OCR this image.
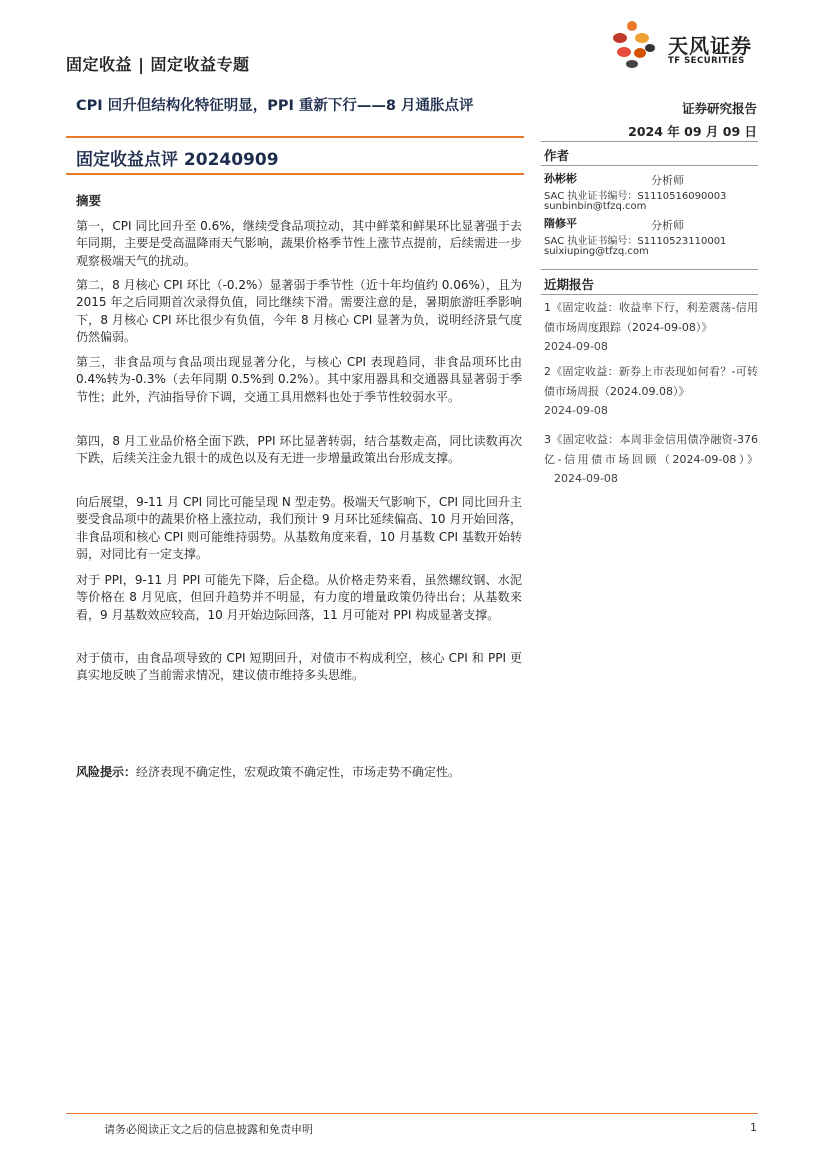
固定收益 | 固定收益专题
天风证券
TF SECURITIES
CPI 回升但结构化特征明显，PPI 重新下行——8 月通胀点评	证券研究报告
2024 年 09 月 09 日
固定收益点评 20240909	作者
孙彬彬	分析师
SAC 执业证书编号：S1110516090003
sunbinbin@tfzq.com
隋修平	分析师
SAC 执业证书编号：S1110523110001
suixiuping@tfzq.com
近期报告
1《固定收益：收益率下行，利差震荡-信用债市场周度跟踪（2024-09-08）》
2024-09-08
2《固定收益：新券上市表现如何看？-可转债市场周报（2024.09.08）》
2024-09-08
3《固定收益：本周非金信用债净融资-376 亿-信用债市场回顾（2024-09-08）》 2024-09-08
摘要
第一，CPI 同比回升至 0.6%，继续受食品项拉动，其中鲜菜和鲜果环比显著强于去年同期，主要是受高温降雨天气影响，蔬果价格季节性上涨节点提前，后续需进一步观察极端天气的扰动。
第二，8 月核心 CPI 环比（-0.2%）显著弱于季节性（近十年均值约 0.06%），且为 2015 年之后同期首次录得负值，同比继续下滑。需要注意的是，暑期旅游旺季影响下，8 月核心 CPI 环比很少有负值，今年 8 月核心 CPI 显著为负，说明经济景气度仍然偏弱。
第三，非食品项与食品项出现显著分化，与核心 CPI 表现趋同，非食品项环比由 0.4%转为-0.3%（去年同期 0.5%到 0.2%）。其中家用器具和交通器具显著弱于季节性；此外，汽油指导价下调，交通工具用燃料也处于季节性较弱水平。
第四，8 月工业品价格全面下跌，PPI 环比显著转弱，结合基数走高，同比读数再次下跌，后续关注金九银十的成色以及有无进一步增量政策出台形成支撑。
向后展望，9-11 月 CPI 同比可能呈现 N 型走势。极端天气影响下，CPI 同比回升主要受食品项中的蔬果价格上涨拉动，我们预计 9 月环比延续偏高、10 月开始回落，非食品项和核心 CPI 则可能维持弱势。从基数角度来看，10 月基数 CPI 基数开始转弱，对同比有一定支撑。
对于 PPI，9-11 月 PPI 可能先下降，后企稳。从价格走势来看，虽然螺纹钢、水泥等价格在 8 月见底，但回升趋势并不明显，有力度的增量政策仍待出台；从基数来看，9 月基数效应较高，10 月开始边际回落，11 月可能对 PPI 构成显著支撑。
对于债市，由食品项导致的 CPI 短期回升，对债市不构成利空，核心 CPI 和 PPI 更真实地反映了当前需求情况，建议债市维持多头思维。
风险提示：经济表现不确定性，宏观政策不确定性，市场走势不确定性。
请务必阅读正文之后的信息披露和免责申明	1
